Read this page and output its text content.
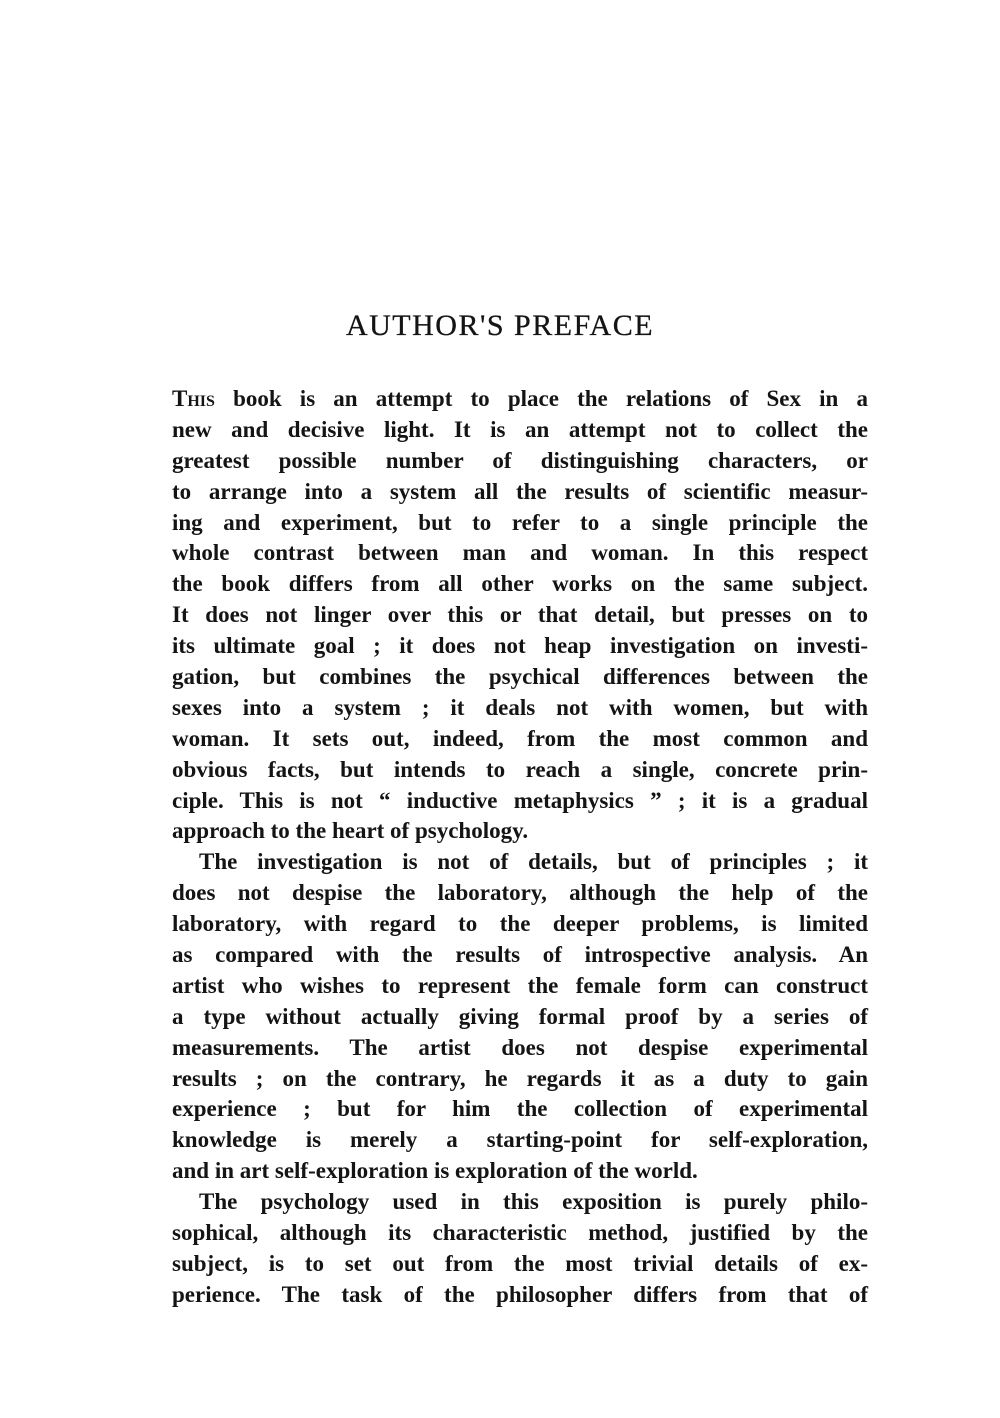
AUTHOR'S PREFACE
This book is an attempt to place the relations of Sex in a
new and decisive light. It is an attempt not to collect the
greatest possible number of distinguishing characters, or
to arrange into a system all the results of scientific measur-
ing and experiment, but to refer to a single principle the
whole contrast between man and woman. In this respect
the book differs from all other works on the same subject.
It does not linger over this or that detail, but presses on to
its ultimate goal ; it does not heap investigation on investi-
gation, but combines the psychical differences between the
sexes into a system ; it deals not with women, but with
woman. It sets out, indeed, from the most common and
obvious facts, but intends to reach a single, concrete prin-
ciple. This is not “ inductive metaphysics ” ; it is a gradual
approach to the heart of psychology.
The investigation is not of details, but of principles ; it
does not despise the laboratory, although the help of the
laboratory, with regard to the deeper problems, is limited
as compared with the results of introspective analysis. An
artist who wishes to represent the female form can construct
a type without actually giving formal proof by a series of
measurements. The artist does not despise experimental
results ; on the contrary, he regards it as a duty to gain
experience ; but for him the collection of experimental
knowledge is merely a starting-point for self-exploration,
and in art self-exploration is exploration of the world.
The psychology used in this exposition is purely philo-
sophical, although its characteristic method, justified by the
subject, is to set out from the most trivial details of ex-
perience. The task of the philosopher differs from that of
